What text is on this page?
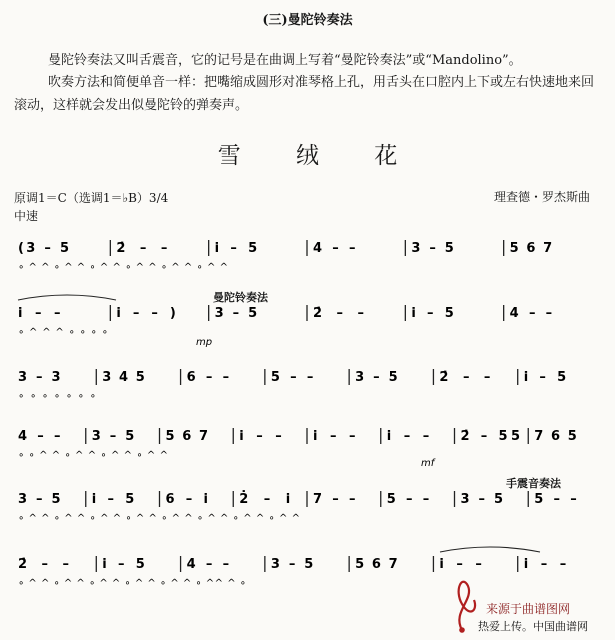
(三)曼陀铃奏法
曼陀铃奏法又叫舌震音，它的记号是在曲调上写着“曼陀铃奏法”或“Mandolino”。
吹奏方法和简便单音一样：把嘴缩成圆形对准琴格上孔，用舌头在口腔内上下或左右快速地来回滚动，这样就会发出似曼陀铃的弹奏声。
雪 绒 花
原调1＝C（选调1＝♭B）3/4	理查德・罗杰斯曲
中速
曼陀铃奏法
手震音奏法
(3 – 5	2̇ – –	i – 5	4 – –	3 – 5	5 6 7
∘ ^ ^ ∘ ^ ^ ∘ ^ ^ ∘ ^ ^ ∘ ^ ^ ∘ ^ ^
i – –	i – – )	3 – 5	2̇ – –	i – 5	4 – –
∘ ^ ^ ^ ∘ ∘ ∘ ∘
3 – 3	3 4 5	6 – –	5 – –	3 – 5	2̇ – –	i – 5
∘ ∘ ∘ ∘ ∘ ∘ ∘
4 – – 3 – 5 5 6 7 i – – i – – i – – 2̇ – 55 7 6 5
∘ ∘ ^ ^ ∘ ^ ^ ∘ ^ ^ ∘ ^ ^
3 – 5 i – 5 6 – i 2̇ – i 7 – – 5 – – 3 – 5 5 – –
∘ ^ ^ ∘ ^ ^ ∘ ^ ^ ∘ ^ ^ ∘ ^ ^ ∘ ^ ^ ∘ ^ ^ ∘ ^ ^
2̇ – –	i – 5	4 – –	3 – 5	5 6 7	i – –	i – –
∘ ^ ^ ∘ ^ ^ ∘ ^ ^ ∘ ^ ^ ∘ ^ ^ ∘ ^^ ^ ∘
mp
mf
来源于曲谱图网
热爱上传。中国曲谱网
